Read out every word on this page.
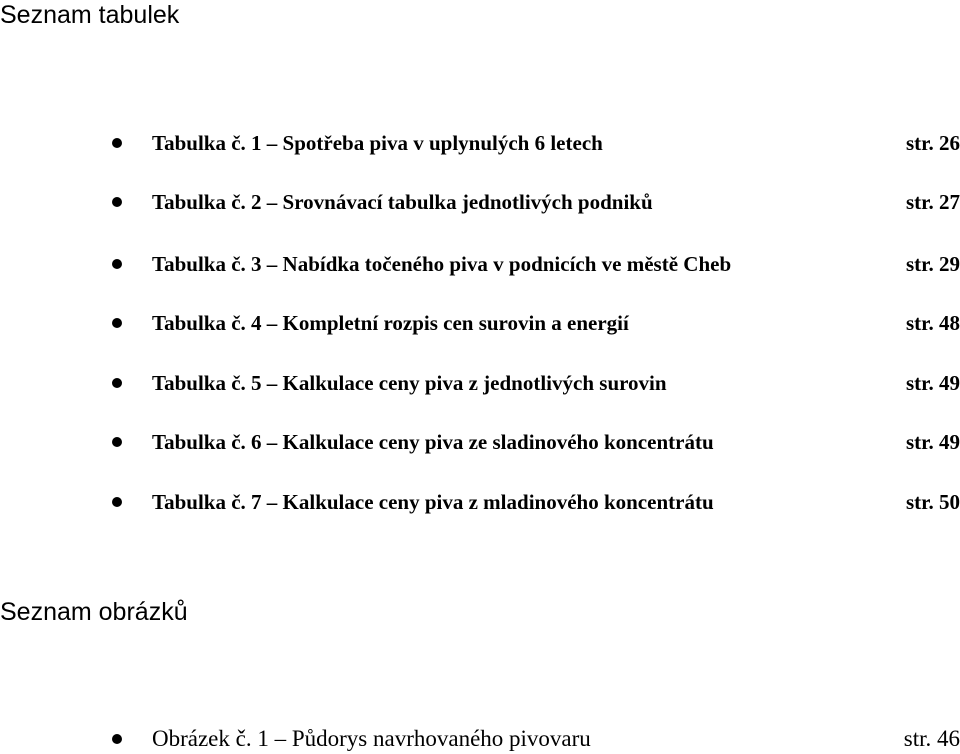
Seznam tabulek
Tabulka č. 1 – Spotřeba piva v uplynulých 6 letech	str. 26
Tabulka č. 2 – Srovnávací tabulka jednotlivých podniků	str. 27
Tabulka č. 3 – Nabídka točeného piva v podnicích ve městě Cheb	str. 29
Tabulka č. 4 – Kompletní rozpis cen surovin a energií	str. 48
Tabulka č. 5 – Kalkulace ceny piva z jednotlivých surovin	str. 49
Tabulka č. 6 – Kalkulace ceny piva ze sladinového koncentrátu	str. 49
Tabulka č. 7 – Kalkulace ceny piva z mladinového koncentrátu	str. 50
Seznam obrázků
Obrázek č. 1 – Půdorys navrhovaného pivovaru	str. 46
